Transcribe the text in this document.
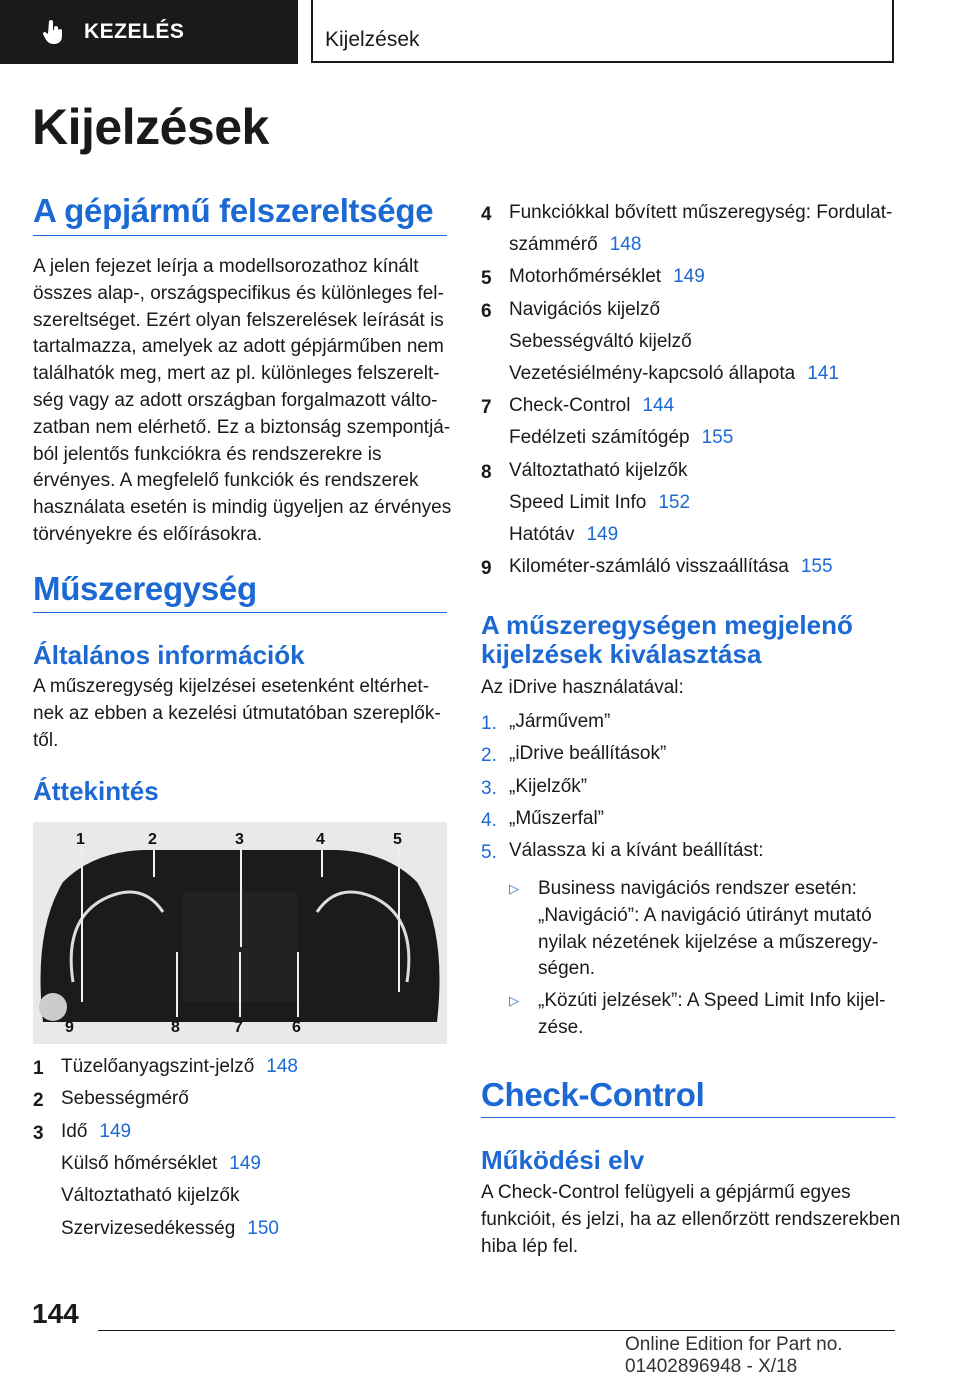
KEZELÉS	Kijelzések
Kijelzések
A gépjármű felszereltsége
A jelen fejezet leírja a modellsorozathoz kínált
összes alap-, országspecifikus és különleges fel-
szereltséget. Ezért olyan felszerelések leírását is
tartalmazza, amelyek az adott gépjárműben nem
találhatók meg, mert az pl. különleges felszerelt-
ség vagy az adott országban forgalmazott válto-
zatban nem elérhető. Ez a biztonság szempontjá-
ból jelentős funkciókra és rendszerekre is
érvényes. A megfelelő funkciók és rendszerek
használata esetén is mindig ügyeljen az érvényes
törvényekre és előírásokra.
Műszeregység
Általános információk
A műszeregység kijelzései esetenként eltérhet-
nek az ebben a kezelési útmutatóban szereplők-
től.
Áttekintés
1 Tüzelőanyagszint-jelző 148
2 Sebességmérő
3 Idő 149
Külső hőmérséklet 149
Változtatható kijelzők
Szervizesedékesség 150
1	2	3	4	5
9	8	7	6
4 Funkciókkal bővített műszeregység: Fordulat-
számmérő 148
5 Motorhőmérséklet 149
6 Navigációs kijelző
Sebességváltó kijelző
Vezetésiélmény-kapcsoló állapota 141
7 Check-Control 144
Fedélzeti számítógép 155
8 Változtatható kijelzők
Speed Limit Info 152
Hatótáv 149
9 Kilométer-számláló visszaállítása 155
A műszeregységen megjelenő
kijelzések kiválasztása
Az iDrive használatával:
1. „Járművem”
2. „iDrive beállítások”
3. „Kijelzők”
4. „Műszerfal”
5. Válassza ki a kívánt beállítást:
▷ Business navigációs rendszer esetén:
„Navigáció”: A navigáció útirányt mutató
nyilak nézetének kijelzése a műszeregy-
ségen.
▷ „Közúti jelzések”: A Speed Limit Info kijel-
zése.
Check-Control
Működési elv
A Check-Control felügyeli a gépjármű egyes
funkcióit, és jelzi, ha az ellenőrzött rendszerekben
hiba lép fel.
144
Online Edition for Part no. 01402896948 - X/18
